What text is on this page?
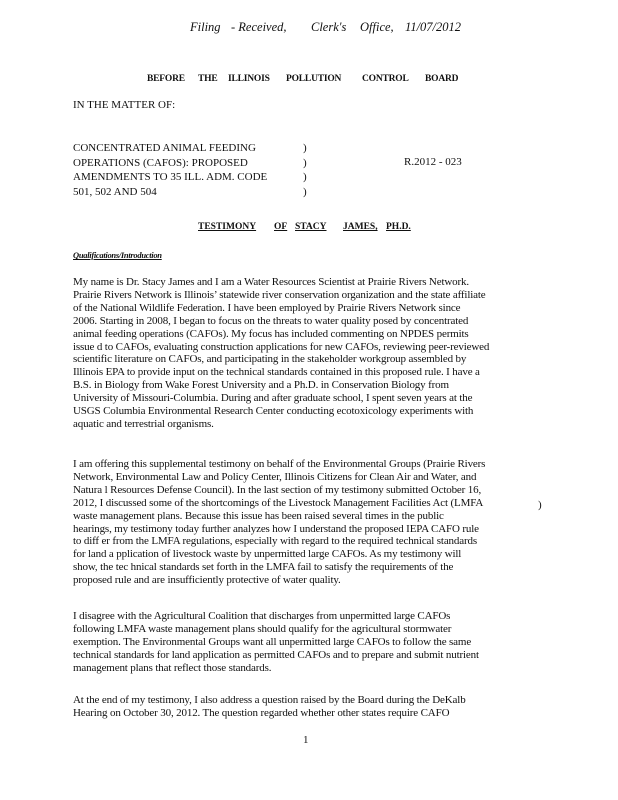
Filing - Received, Clerk's Office, 11/07/2012
BEFORE THE ILLINOIS POLLUTION CONTROL BOARD
IN THE MATTER OF:
CONCENTRATED ANIMAL FEEDING
OPERATIONS (CAFOS): PROPOSED
AMENDMENTS TO 35 ILL. ADM. CODE
501, 502 AND 504
)
)
)
)
R.2012 - 023
TESTIMONY OF STACY JAMES, PH.D.
Qualifications/Introduction
My name is Dr. Stacy James and I am a Water Resources Scientist at Prairie Rivers Network.
Prairie Rivers Network is Illinois’ statewide river conservation organization and the state affiliate
of the National Wildlife Federation. I have been employed by Prairie Rivers Network since
2006. Starting in 2008, I began to focus on the threats to water quality posed by concentrated
animal feeding operations (CAFOs). My focus has included commenting on NPDES permits
issue d to CAFOs, evaluating construction applications for new CAFOs, reviewing peer-reviewed
scientific literature on CAFOs, and participating in the stakeholder workgroup assembled by
Illinois EPA to provide input on the technical standards contained in this proposed rule. I have a
B.S. in Biology from Wake Forest University and a Ph.D. in Conservation Biology from
University of Missouri-Columbia. During and after graduate school, I spent seven years at the
USGS Columbia Environmental Research Center conducting ecotoxicology experiments with
aquatic and terrestrial organisms.
I am offering this supplemental testimony on behalf of the Environmental Groups (Prairie Rivers
Network, Environmental Law and Policy Center, Illinois Citizens for Clean Air and Water, and
Natura l Resources Defense Council). In the last section of my testimony submitted October 16,
2012, I discussed some of the shortcomings of the Livestock Management Facilities Act (LMFA
waste management plans. Because this issue has been raised several times in the public
hearings, my testimony today further analyzes how I understand the proposed IEPA CAFO rule
to diff er from the LMFA regulations, especially with regard to the required technical standards
for land a pplication of livestock waste by unpermitted large CAFOs. As my testimony will
show, the tec hnical standards set forth in the LMFA fail to satisfy the requirements of the
proposed rule and are insufficiently protective of water quality.
)
I disagree with the Agricultural Coalition that discharges from unpermitted large CAFOs
following LMFA waste management plans should qualify for the agricultural stormwater
exemption. The Environmental Groups want all unpermitted large CAFOs to follow the same
technical standards for land application as permitted CAFOs and to prepare and submit nutrient
management plans that reflect those standards.
At the end of my testimony, I also address a question raised by the Board during the DeKalb
Hearing on October 30, 2012. The question regarded whether other states require CAFO
1
